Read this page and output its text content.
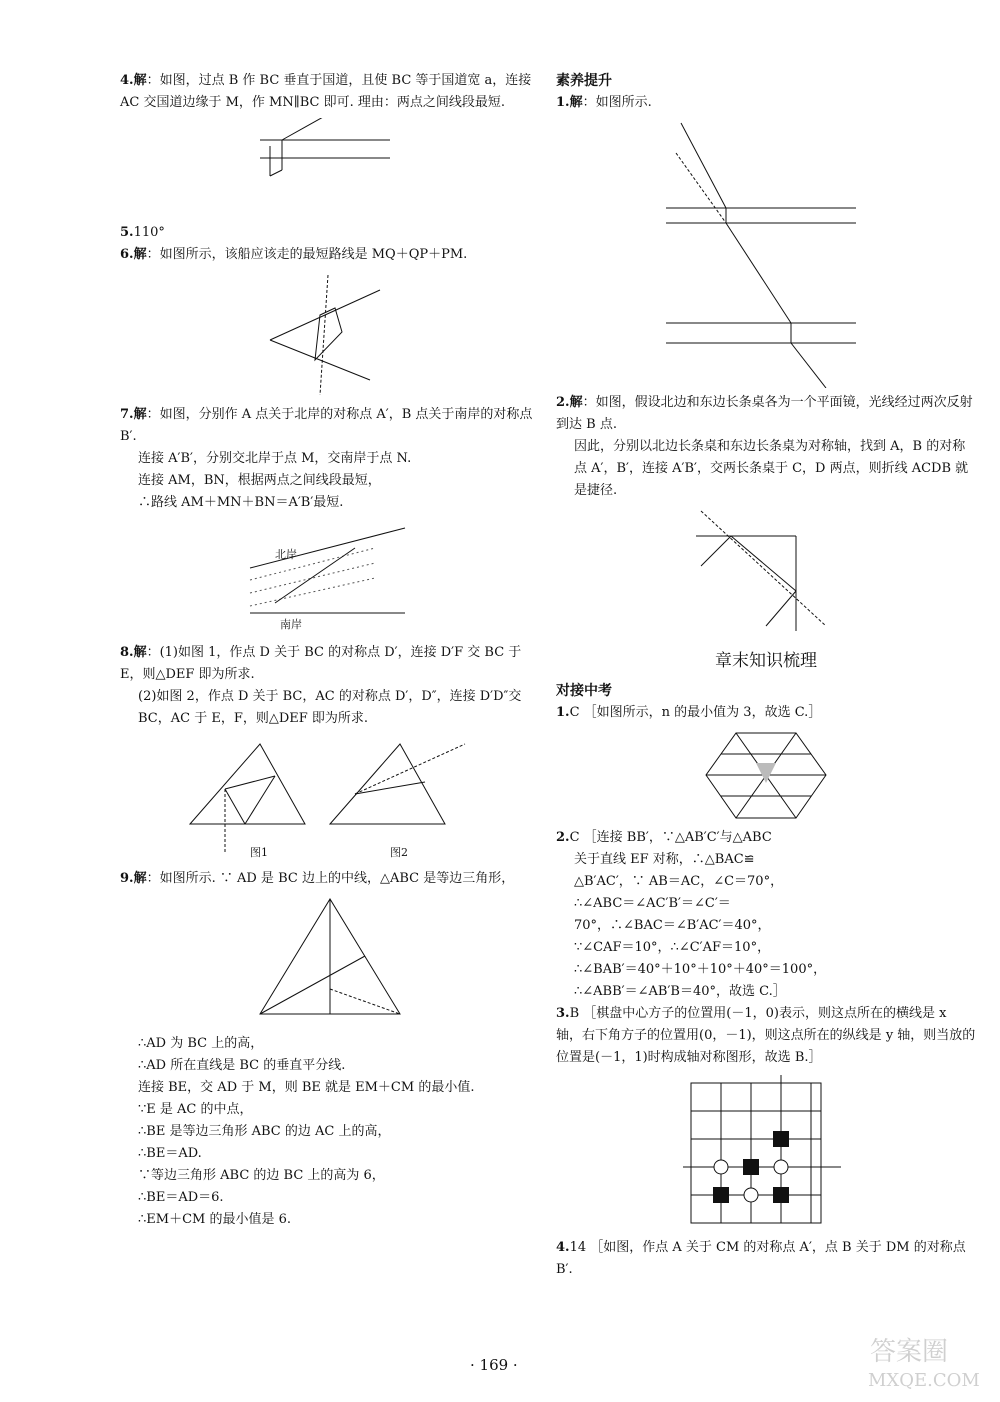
4.解：如图，过点 B 作 BC 垂直于国道，且使 BC 等于国道宽 a，连接 AC 交国道边缘于 M，作 MN∥BC 即可. 理由：两点之间线段最短.

5.110°

6.解：如图所示，该船应该走的最短路线是 MQ＋QP＋PM.

7.解：如图，分别作 A 点关于北岸的对称点 A′，B 点关于南岸的对称点 B′.

连接 A′B′，分别交北岸于点 M，交南岸于点 N.

连接 AM，BN，根据两点之间线段最短，

∴路线 AM＋MN＋BN＝A′B′最短.

北岸
南岸

8.解：(1)如图 1，作点 D 关于 BC 的对称点 D′，连接 D′F 交 BC 于 E，则△DEF 即为所求.

(2)如图 2，作点 D 关于 BC，AC 的对称点 D′，D″，连接 D′D″交 BC，AC 于 E，F，则△DEF 即为所求.

图1	图2

9.解：如图所示. ∵ AD 是 BC 边上的中线，△ABC 是等边三角形，

∴AD 为 BC 上的高，

∴AD 所在直线是 BC 的垂直平分线.

连接 BE，交 AD 于 M，则 BE 就是 EM＋CM 的最小值.

∵E 是 AC 的中点，

∴BE 是等边三角形 ABC 的边 AC 上的高，

∴BE＝AD.

∵等边三角形 ABC 的边 BC 上的高为 6，

∴BE＝AD＝6.

∴EM＋CM 的最小值是 6.

素养提升

1.解：如图所示.

2.解：如图，假设北边和东边长条桌各为一个平面镜，光线经过两次反射到达 B 点.

因此，分别以北边长条桌和东边长条桌为对称轴，找到 A，B 的对称点 A′，B′，连接 A′B′，交两长条桌于 C，D 两点，则折线 ACDB 就是捷径.

章末知识梳理

对接中考

1.C ［如图所示，n 的最小值为 3，故选 C.］

2.C ［连接 BB′，∵△AB′C′与△ABC

关于直线 EF 对称，∴△BAC≌

△B′AC′，∵ AB＝AC，∠C＝70°，

∴∠ABC＝∠AC′B′＝∠C′＝

70°，∴∠BAC＝∠B′AC′＝40°，

∵∠CAF＝10°，∴∠C′AF＝10°，

∴∠BAB′＝40°＋10°＋10°＋40°＝100°，

∴∠ABB′＝∠AB′B＝40°，故选 C.］

3.B ［棋盘中心方子的位置用(－1，0)表示，则这点所在的横线是 x 轴，右下角方子的位置用(0，－1)，则这点所在的纵线是 y 轴，则当放的位置是(－1，1)时构成轴对称图形，故选 B.］

4.14 ［如图，作点 A 关于 CM 的对称点 A′，点 B 关于 DM 的对称点 B′.

· 169 ·	答案圈
MXQE.COM
